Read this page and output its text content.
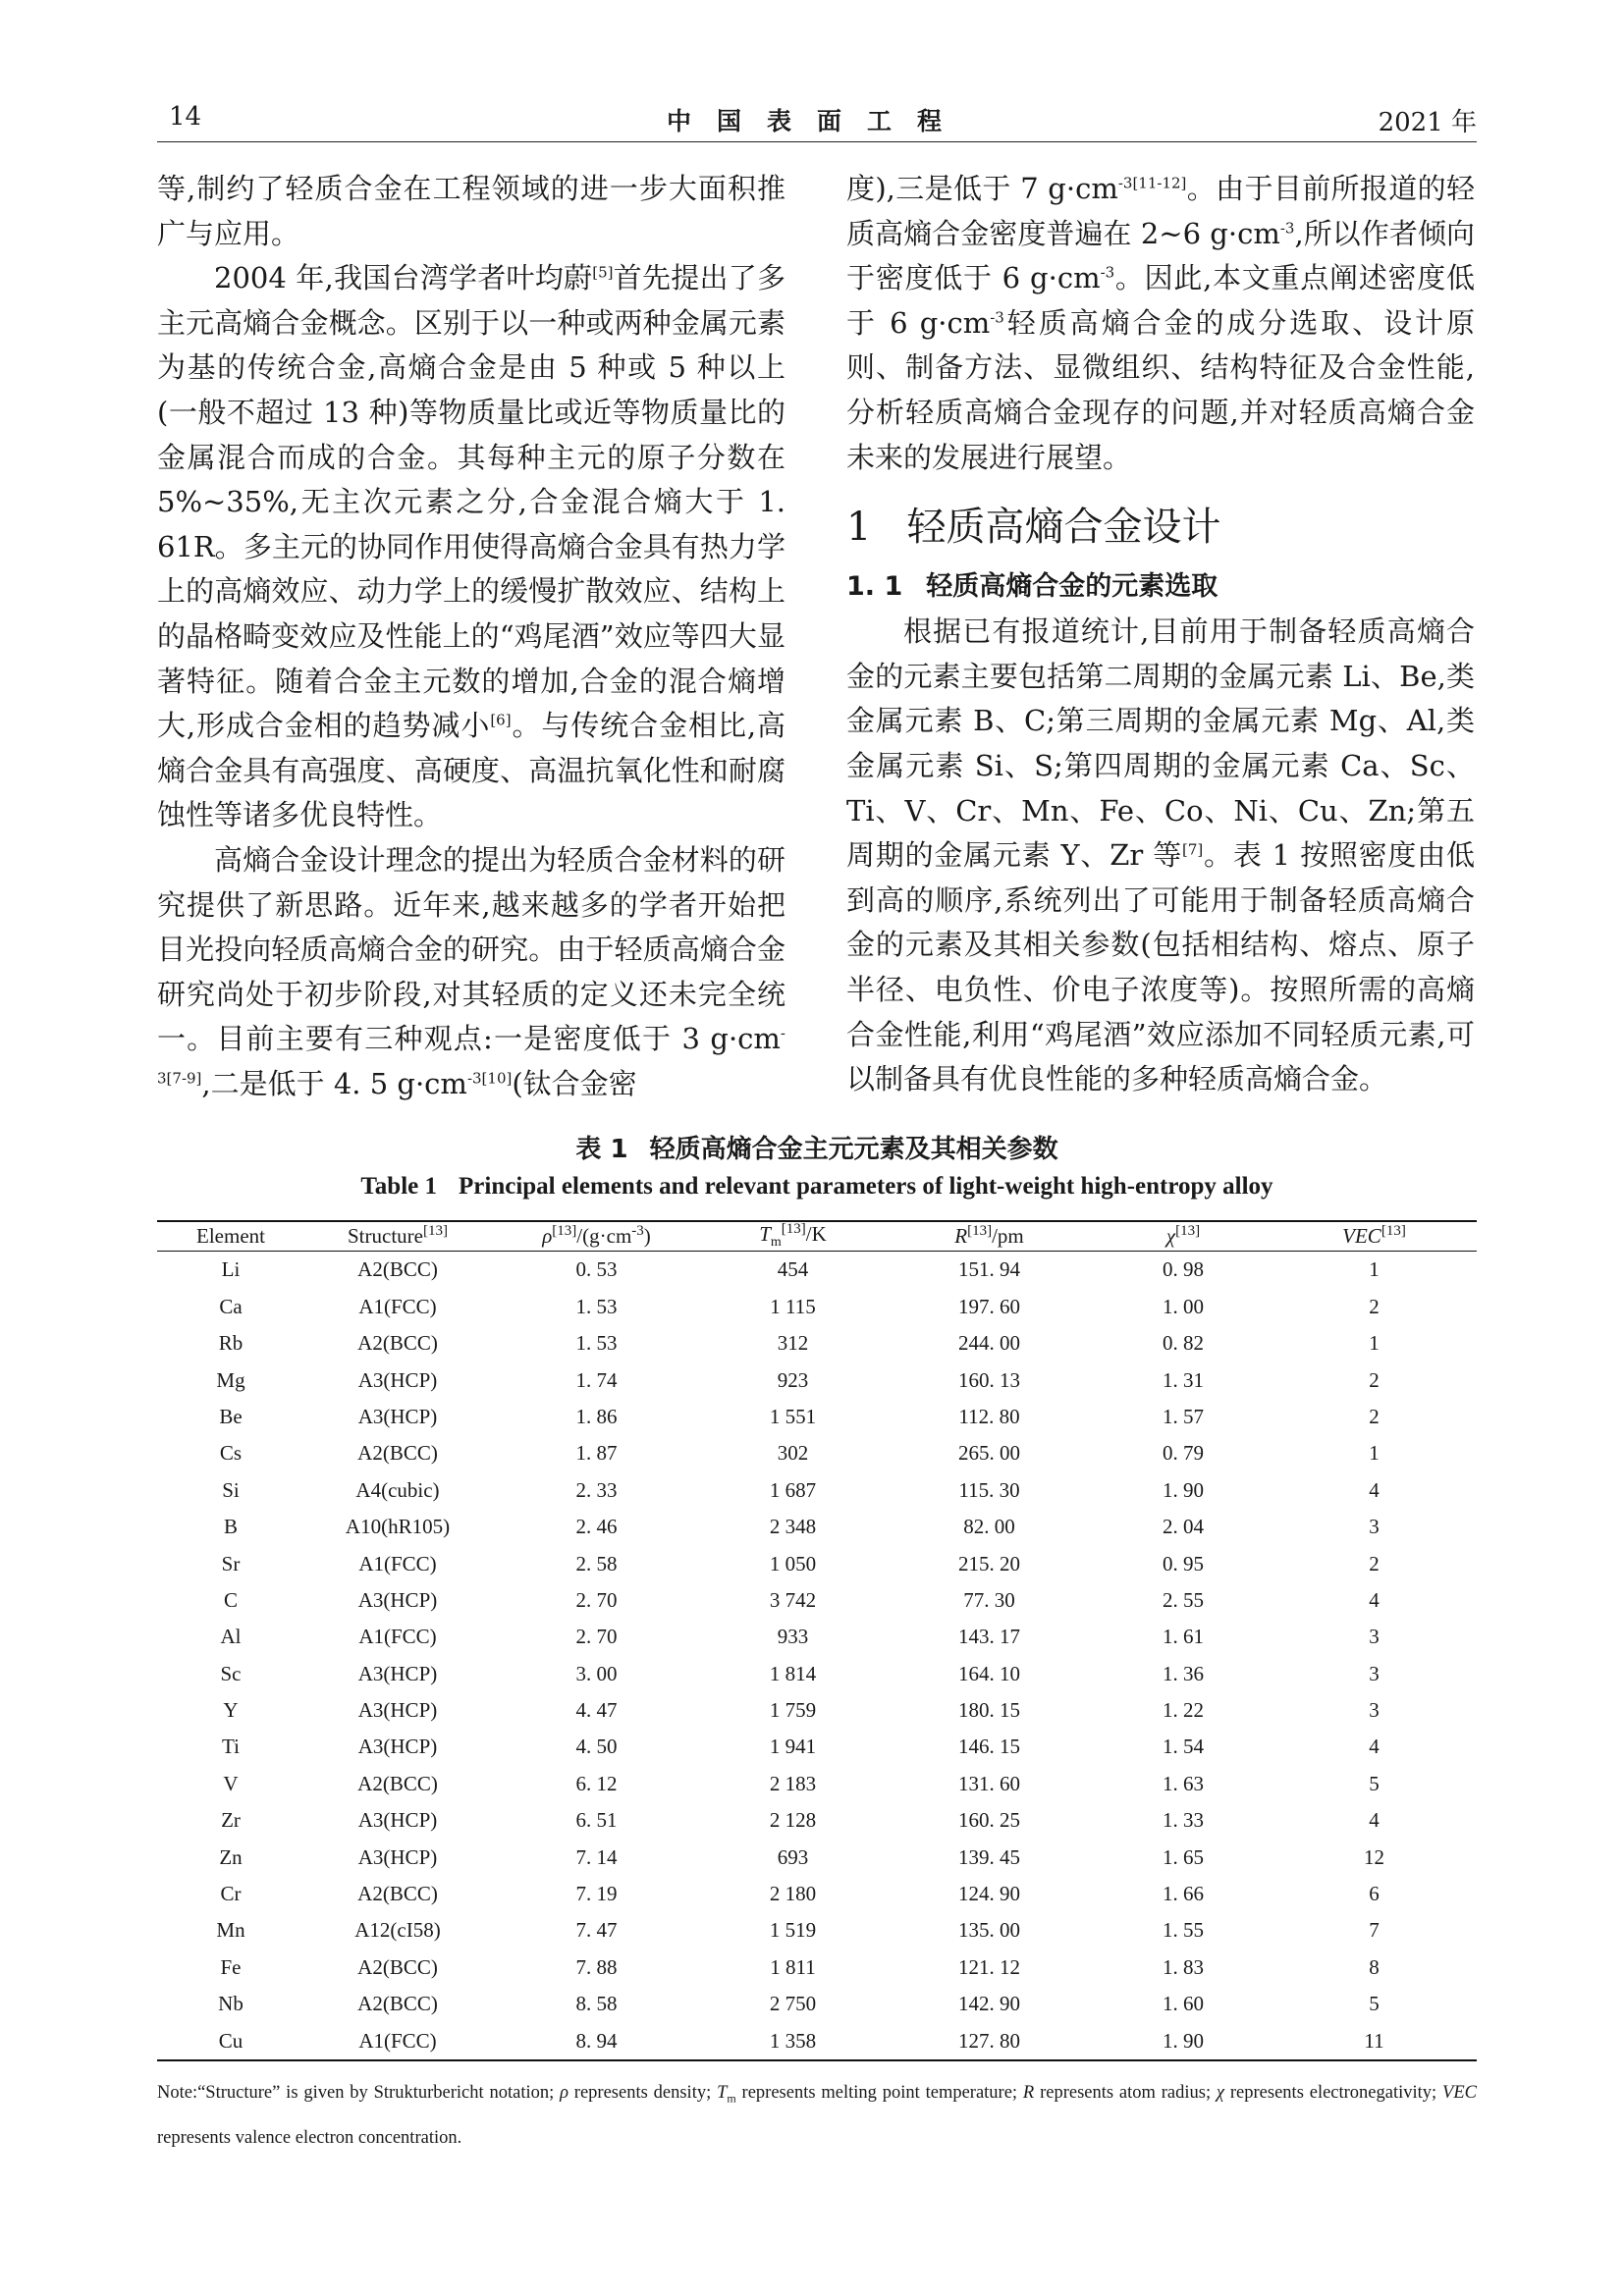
14	中国表面工程	2021 年

等,制约了轻质合金在工程领域的进一步大面积推广与应用。

2004 年,我国台湾学者叶均蔚[5]首先提出了多主元高熵合金概念。区别于以一种或两种金属元素为基的传统合金,高熵合金是由 5 种或 5 种以上(一般不超过 13 种)等物质量比或近等物质量比的金属混合而成的合金。其每种主元的原子分数在 5%~35%,无主次元素之分,合金混合熵大于 1. 61R。多主元的协同作用使得高熵合金具有热力学上的高熵效应、动力学上的缓慢扩散效应、结构上的晶格畸变效应及性能上的“鸡尾酒”效应等四大显著特征。随着合金主元数的增加,合金的混合熵增大,形成合金相的趋势减小[6]。与传统合金相比,高熵合金具有高强度、高硬度、高温抗氧化性和耐腐蚀性等诸多优良特性。

高熵合金设计理念的提出为轻质合金材料的研究提供了新思路。近年来,越来越多的学者开始把目光投向轻质高熵合金的研究。由于轻质高熵合金研究尚处于初步阶段,对其轻质的定义还未完全统一。目前主要有三种观点:一是密度低于 3 $g\cdot cm^{-3[7-9]}$,二是低于 4. 5 $g\cdot cm^{-3[10]}$(钛合金密

度),三是低于 7 $g\cdot cm^{-3[11-12]}$。由于目前所报道的轻质高熵合金密度普遍在 2~6 $g\cdot cm^{-3}$,所以作者倾向于密度低于 6 $g\cdot cm^{-3}$。因此,本文重点阐述密度低于 6 $g\cdot cm^{-3}$轻质高熵合金的成分选取、设计原则、制备方法、显微组织、结构特征及合金性能,分析轻质高熵合金现存的问题,并对轻质高熵合金未来的发展进行展望。

1 轻质高熵合金设计
1. 1 轻质高熵合金的元素选取

根据已有报道统计,目前用于制备轻质高熵合金的元素主要包括第二周期的金属元素 Li、Be,类金属元素 B、C;第三周期的金属元素 Mg、Al,类金属元素 Si、S;第四周期的金属元素 Ca、Sc、Ti、V、Cr、Mn、Fe、Co、Ni、Cu、Zn;第五周期的金属元素 Y、Zr 等[7]。表 1 按照密度由低到高的顺序,系统列出了可能用于制备轻质高熵合金的元素及其相关参数(包括相结构、熔点、原子半径、电负性、价电子浓度等)。按照所需的高熵合金性能,利用“鸡尾酒”效应添加不同轻质元素,可以制备具有优良性能的多种轻质高熵合金。

表 1 轻质高熵合金主元元素及其相关参数
Table 1 Principal elements and relevant parameters of light-weight high-entropy alloy
Element	Structure[13]	$\rho[13]/(g\cdot cm^{-3})$	$T_m[13]/K$	R[13]/pm	χ[13]	VEC[13]
Li	A2(BCC)	0. 53	454	151. 94	0. 98	1
Ca	A1(FCC)	1. 53	1 115	197. 60	1. 00	2
Rb	A2(BCC)	1. 53	312	244. 00	0. 82	1
Mg	A3(HCP)	1. 74	923	160. 13	1. 31	2
Be	A3(HCP)	1. 86	1 551	112. 80	1. 57	2
Cs	A2(BCC)	1. 87	302	265. 00	0. 79	1
Si	A4(cubic)	2. 33	1 687	115. 30	1. 90	4
B	A10(hR105)	2. 46	2 348	82. 00	2. 04	3
Sr	A1(FCC)	2. 58	1 050	215. 20	0. 95	2
C	A3(HCP)	2. 70	3 742	77. 30	2. 55	4
Al	A1(FCC)	2. 70	933	143. 17	1. 61	3
Sc	A3(HCP)	3. 00	1 814	164. 10	1. 36	3
Y	A3(HCP)	4. 47	1 759	180. 15	1. 22	3
Ti	A3(HCP)	4. 50	1 941	146. 15	1. 54	4
V	A2(BCC)	6. 12	2 183	131. 60	1. 63	5
Zr	A3(HCP)	6. 51	2 128	160. 25	1. 33	4
Zn	A3(HCP)	7. 14	693	139. 45	1. 65	12
Cr	A2(BCC)	7. 19	2 180	124. 90	1. 66	6
Mn	A12(cI58)	7. 47	1 519	135. 00	1. 55	7
Fe	A2(BCC)	7. 88	1 811	121. 12	1. 83	8
Nb	A2(BCC)	8. 58	2 750	142. 90	1. 60	5
Cu	A1(FCC)	8. 94	1 358	127. 80	1. 90	11
Note:“Structure” is given by Strukturbericht notation; ρ represents density; $T_m$ represents melting point temperature; R represents atom radius; χ represents electronegativity; VEC represents valence electron concentration.
